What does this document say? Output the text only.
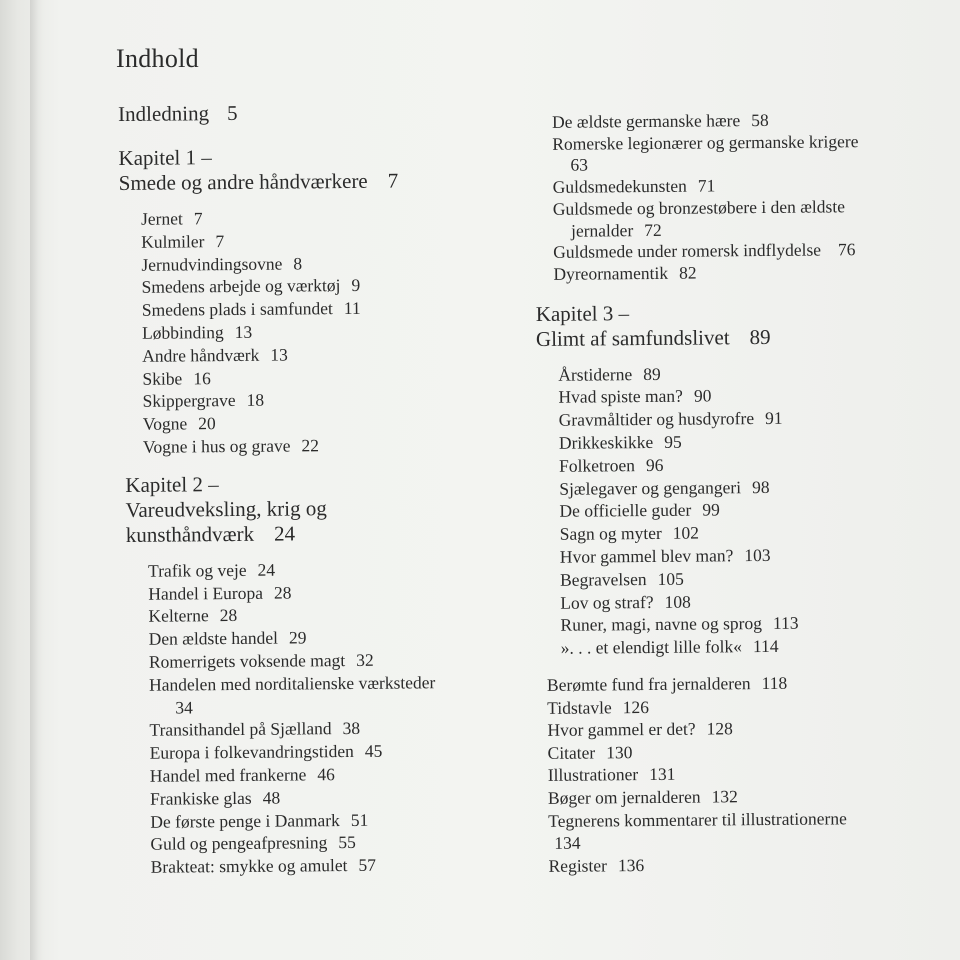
Indhold
Indledning 5
Kapitel 1 –
Smede og andre håndværkere 7
Jernet 7
Kulmiler 7
Jernudvindingsovne 8
Smedens arbejde og værktøj 9
Smedens plads i samfundet 11
Løbbinding 13
Andre håndværk 13
Skibe 16
Skippergrave 18
Vogne 20
Vogne i hus og grave 22
Kapitel 2 –
Vareudveksling, krig og
kunsthåndværk 24
Trafik og veje 24
Handel i Europa 28
Kelterne 28
Den ældste handel 29
Romerrigets voksende magt 32
Handelen med norditalienske værksteder
34
Transithandel på Sjælland 38
Europa i folkevandringstiden 45
Handel med frankerne 46
Frankiske glas 48
De første penge i Danmark 51
Guld og pengeafpresning 55
Brakteat: smykke og amulet 57
De ældste germanske hære 58
Romerske legionærer og germanske krigere
63
Guldsmedekunsten 71
Guldsmede og bronzestøbere i den ældste
jernalder 72
Guldsmede under romersk indflydelse 76
Dyreornamentik 82
Kapitel 3 –
Glimt af samfundslivet 89
Årstiderne 89
Hvad spiste man? 90
Gravmåltider og husdyrofre 91
Drikkeskikke 95
Folketroen 96
Sjælegaver og gengangeri 98
De officielle guder 99
Sagn og myter 102
Hvor gammel blev man? 103
Begravelsen 105
Lov og straf? 108
Runer, magi, navne og sprog 113
». . . et elendigt lille folk« 114
Berømte fund fra jernalderen 118
Tidstavle 126
Hvor gammel er det? 128
Citater 130
Illustrationer 131
Bøger om jernalderen 132
Tegnerens kommentarer til illustrationerne
134
Register 136
